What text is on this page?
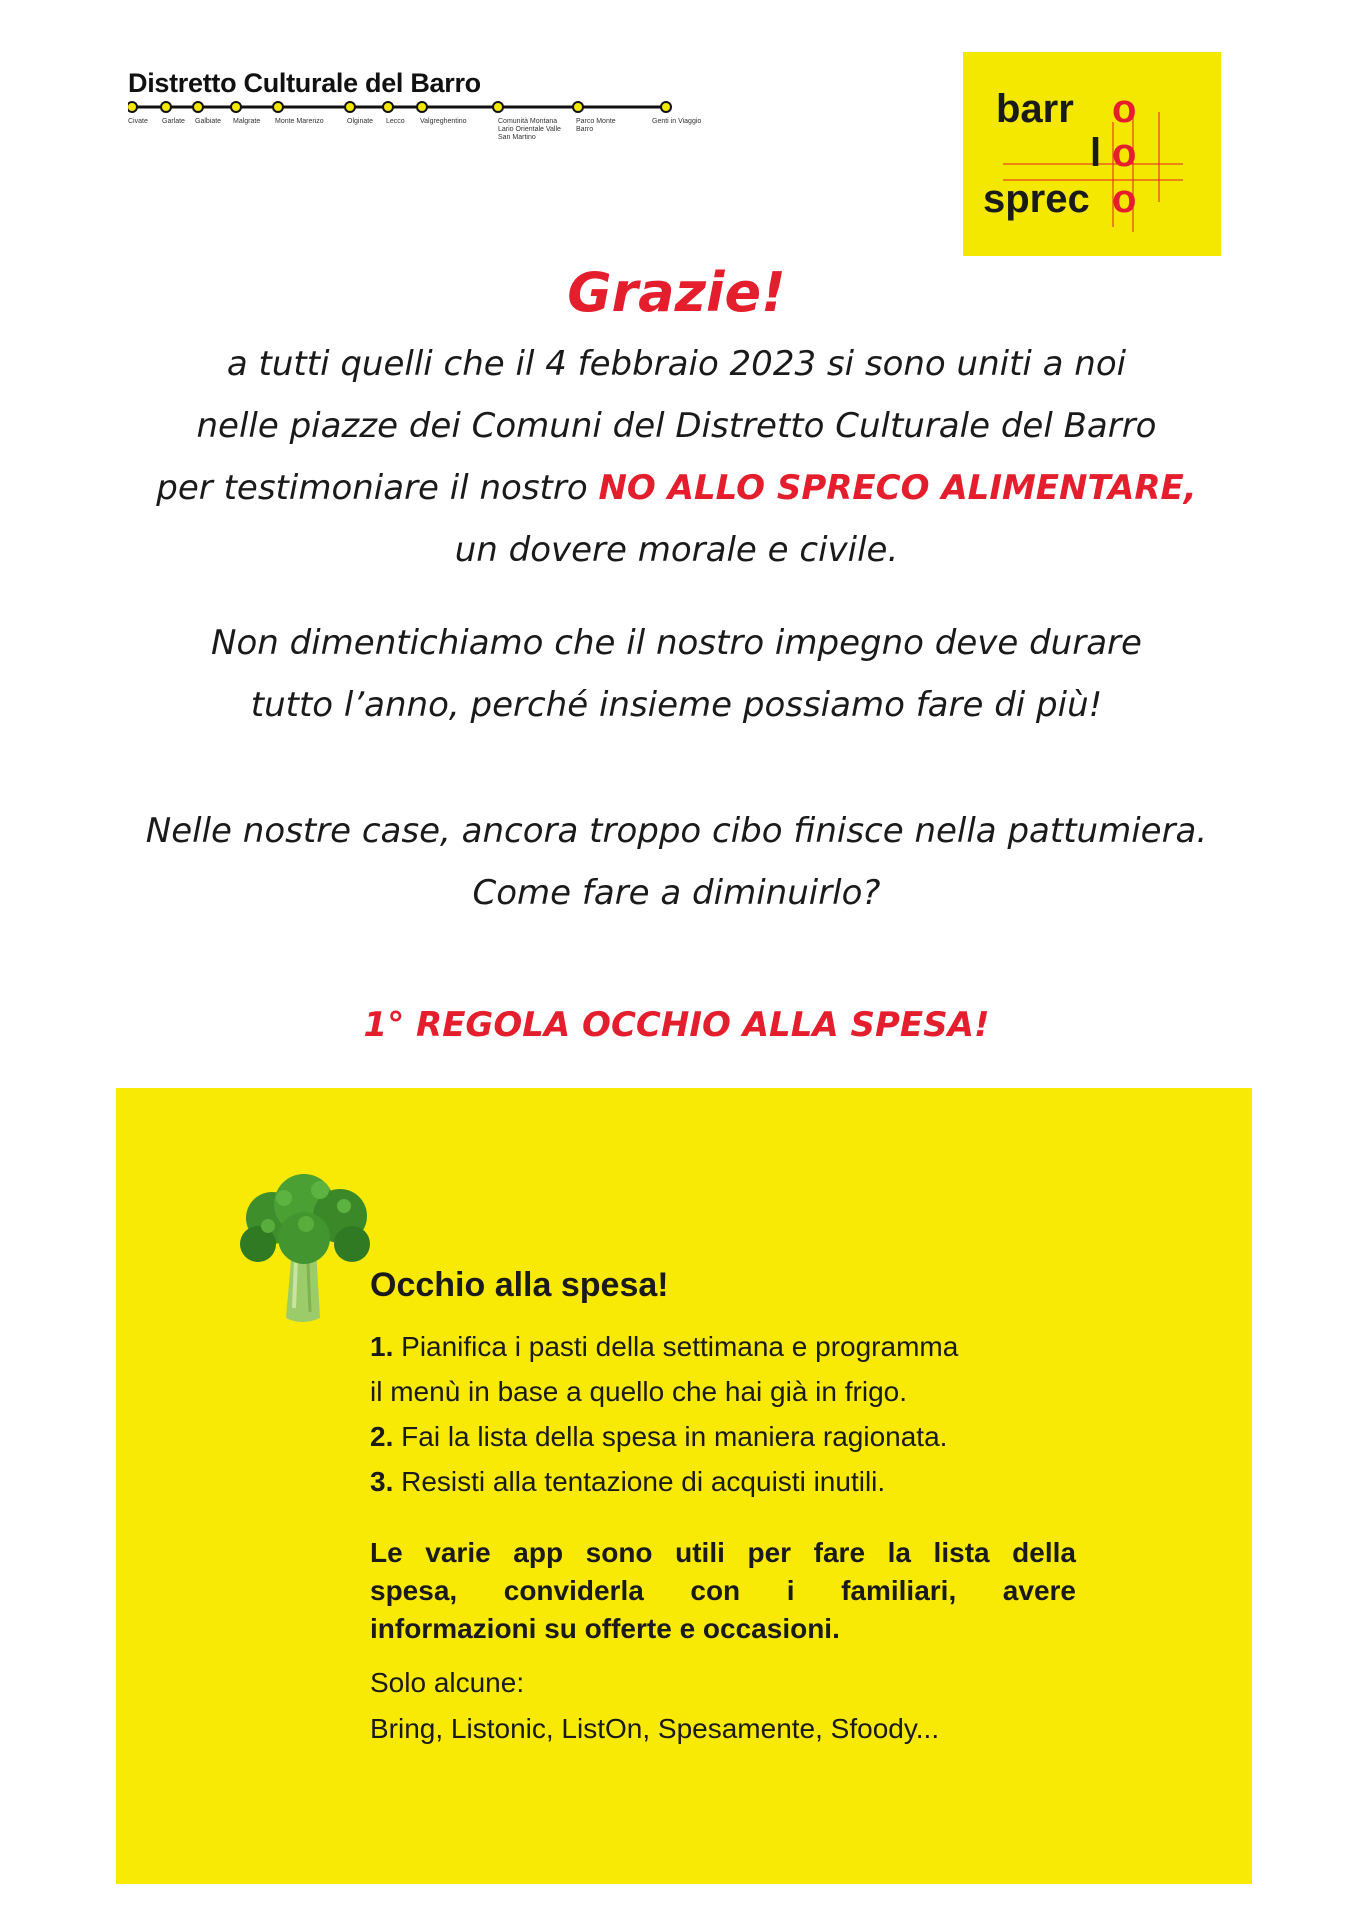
Distretto Culturale del Barro
Civate Garlate Galbiate Malgrate Monte Marenzo	Olginate Lecco Valgreghentino	Comunità Montana Lario Orientale Valle San Martino
Parco Monte Barro
Genti in Viaggio	barr o
l o
sprec o
Grazie!
a tutti quelli che il 4 febbraio 2023 si sono uniti a noi
nelle piazze dei Comuni del Distretto Culturale del Barro
per testimoniare il nostro NO ALLO SPRECO ALIMENTARE,
un dovere morale e civile.
Non dimentichiamo che il nostro impegno deve durare
tutto l’anno, perché insieme possiamo fare di più!
Nelle nostre case, ancora troppo cibo finisce nella pattumiera.
Come fare a diminuirlo?
1° REGOLA OCCHIO ALLA SPESA!
Occhio alla spesa!
1. Pianifica i pasti della settimana e programma
il menù in base a quello che hai già in frigo.
2. Fai la lista della spesa in maniera ragionata.
3. Resisti alla tentazione di acquisti inutili.
Le varie app sono utili per fare la lista della
spesa, conviderla con i familiari, avere
informazioni su offerte e occasioni.
Solo alcune:
Bring, Listonic, ListOn, Spesamente, Sfoody...
